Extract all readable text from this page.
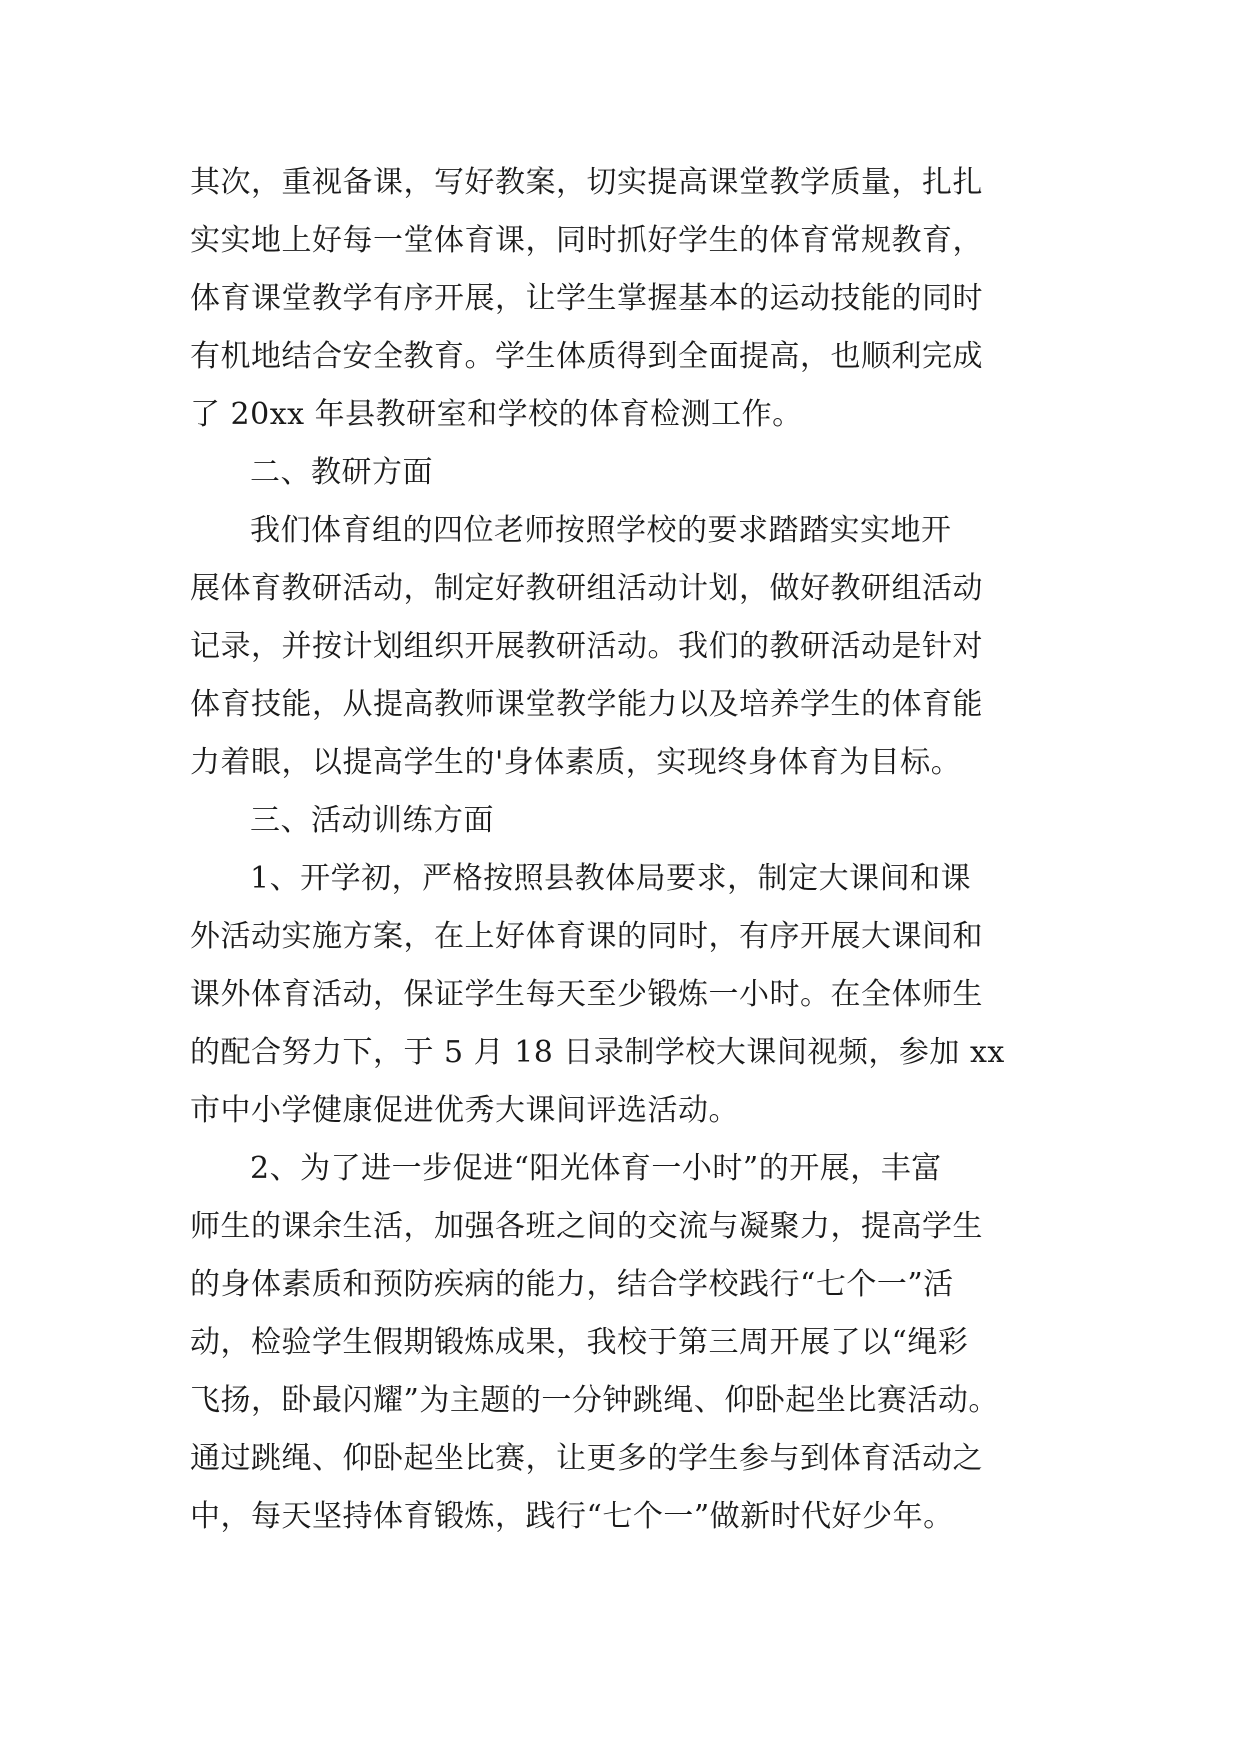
其次，重视备课，写好教案，切实提高课堂教学质量，扎扎
实实地上好每一堂体育课，同时抓好学生的体育常规教育，
体育课堂教学有序开展，让学生掌握基本的运动技能的同时
有机地结合安全教育。学生体质得到全面提高，也顺利完成
了 20xx 年县教研室和学校的体育检测工作。
二、教研方面
我们体育组的四位老师按照学校的要求踏踏实实地开
展体育教研活动，制定好教研组活动计划，做好教研组活动
记录，并按计划组织开展教研活动。我们的教研活动是针对
体育技能，从提高教师课堂教学能力以及培养学生的体育能
力着眼，以提高学生的'身体素质，实现终身体育为目标。
三、活动训练方面
1、开学初，严格按照县教体局要求，制定大课间和课
外活动实施方案，在上好体育课的同时，有序开展大课间和
课外体育活动，保证学生每天至少锻炼一小时。在全体师生
的配合努力下，于 5 月 18 日录制学校大课间视频，参加 xx
市中小学健康促进优秀大课间评选活动。
2、为了进一步促进“阳光体育一小时”的开展，丰富
师生的课余生活，加强各班之间的交流与凝聚力，提高学生
的身体素质和预防疾病的能力，结合学校践行“七个一”活
动，检验学生假期锻炼成果，我校于第三周开展了以“绳彩
飞扬，卧最闪耀”为主题的一分钟跳绳、仰卧起坐比赛活动。
通过跳绳、仰卧起坐比赛，让更多的学生参与到体育活动之
中，每天坚持体育锻炼，践行“七个一”做新时代好少年。
